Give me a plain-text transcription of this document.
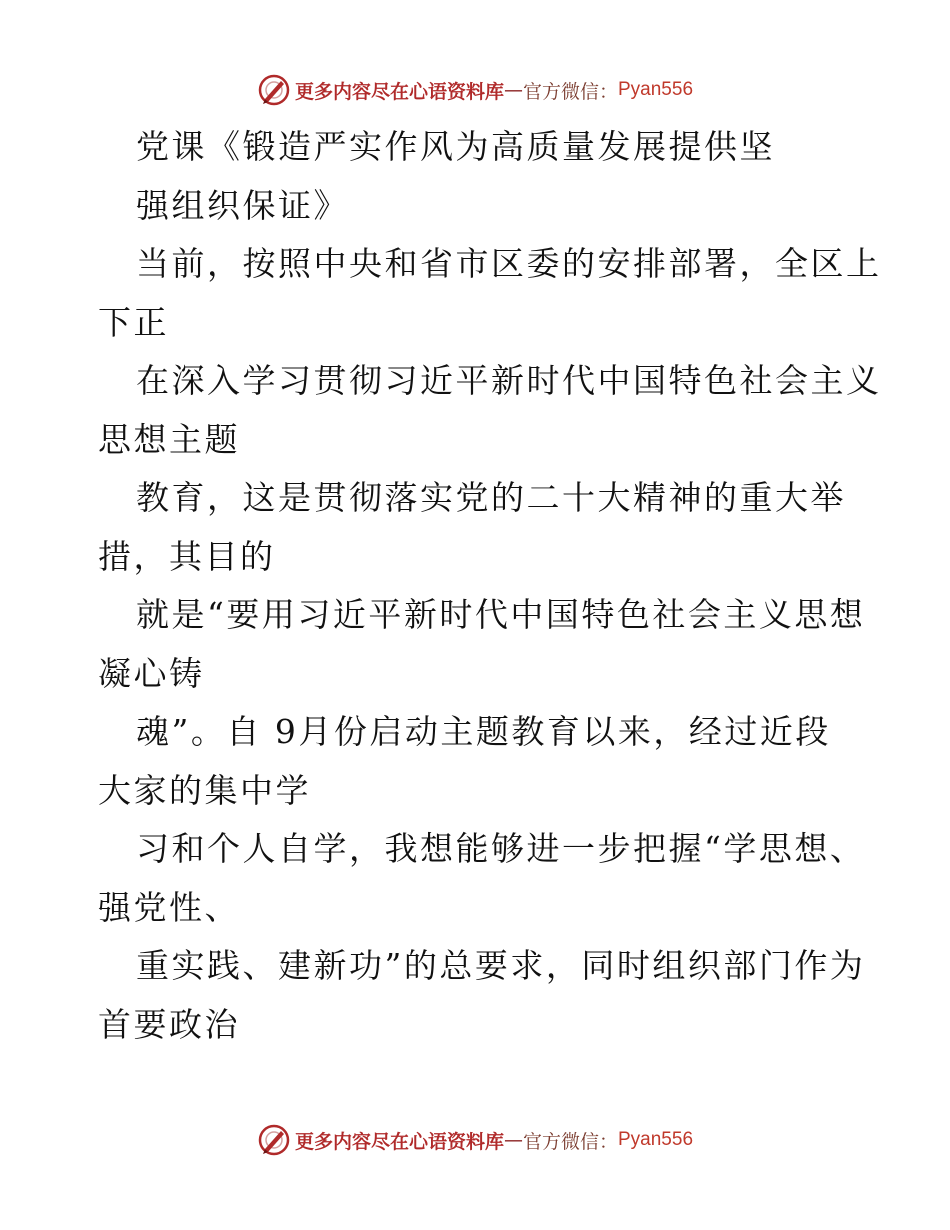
更多内容尽在心语资料库 — 官方微信： Pyan556
党课《锻造严实作风为高质量发展提供坚
强组织保证》
当前，按照中央和省市区委的安排部署，全区上
下正
在深入学习贯彻习近平新时代中国特色社会主义
思想主题
教育，这是贯彻落实党的二十大精神的重大举
措，其目的
就是“要用习近平新时代中国特色社会主义思想
凝心铸
魂”。自 9月份启动主题教育以来，经过近段
大家的集中学
习和个人自学，我想能够进一步把握“学思想、
强党性、
重实践、建新功”的总要求，同时组织部门作为
首要政治
更多内容尽在心语资料库 — 官方微信： Pyan556
